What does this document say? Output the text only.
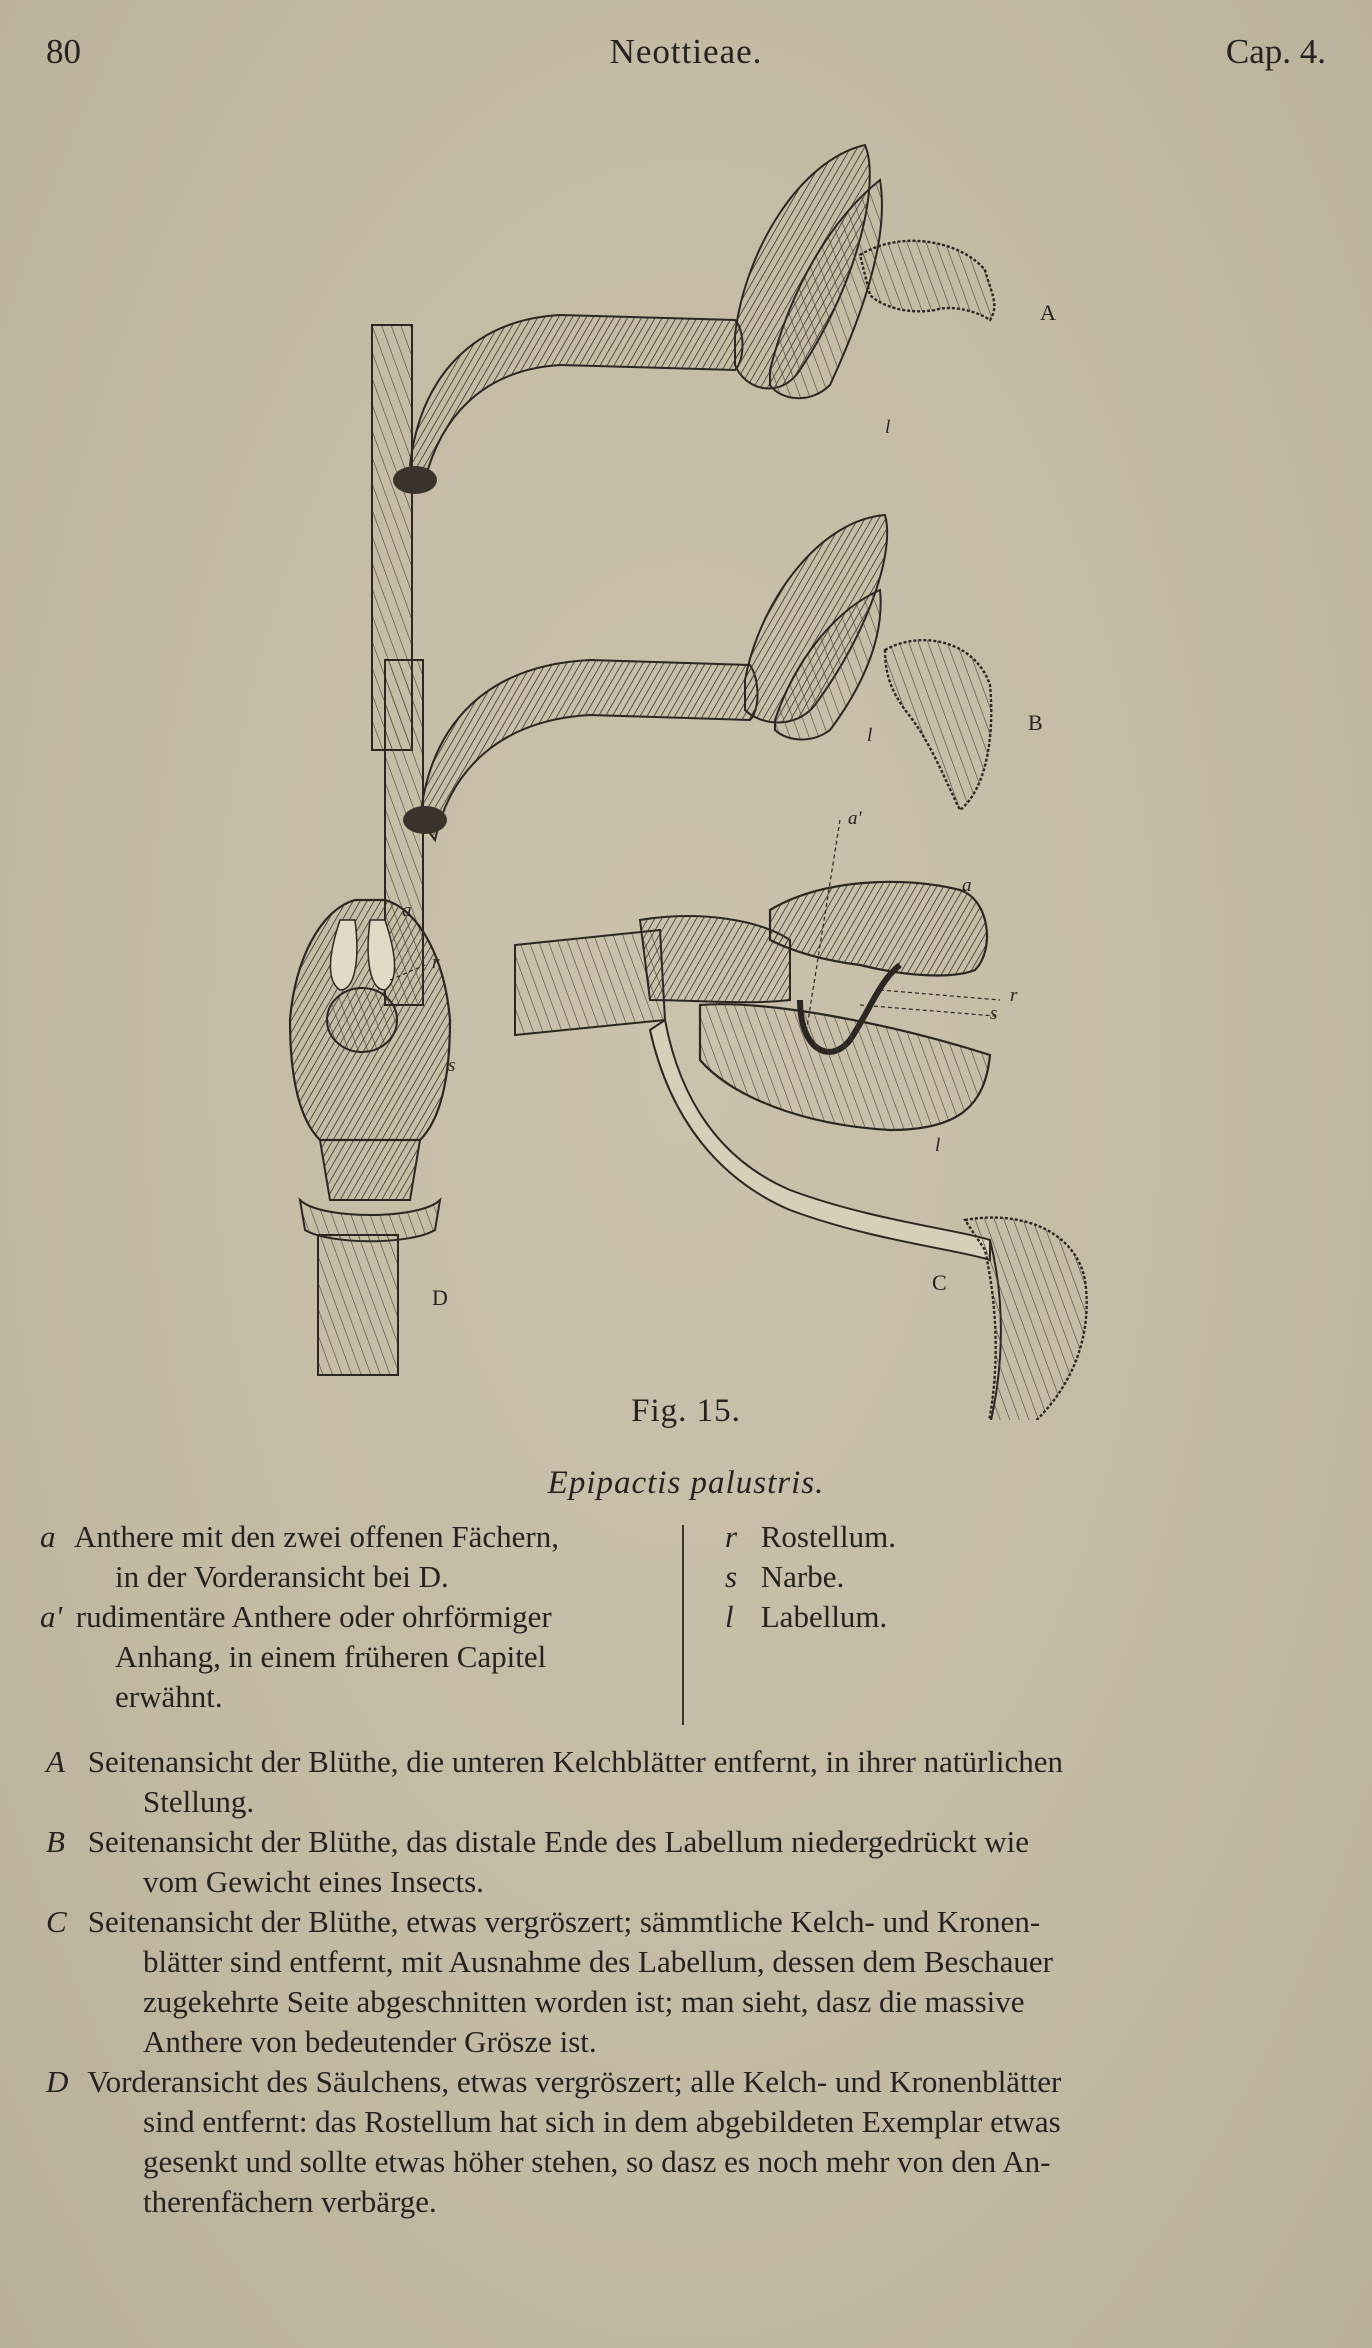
80	Neottieae.	Cap. 4.
A
B
C
D
l
l
a'
a
r
s
l
a
r
s
Fig. 15.
Epipactis palustris.
a Anthere mit den zwei offenen Fächern,
in der Vorderansicht bei D.
a' rudimentäre Anthere oder ohrförmiger
Anhang, in einem früheren Capitel
erwähnt.
r Rostellum.
s Narbe.
l Labellum.
A Seitenansicht der Blüthe, die unteren Kelchblätter entfernt, in ihrer natürlichen
Stellung.
B Seitenansicht der Blüthe, das distale Ende des Labellum niedergedrückt wie
vom Gewicht eines Insects.
C Seitenansicht der Blüthe, etwas vergröszert; sämmtliche Kelch- und Kronen-
blätter sind entfernt, mit Ausnahme des Labellum, dessen dem Beschauer
zugekehrte Seite abgeschnitten worden ist; man sieht, dasz die massive
Anthere von bedeutender Grösze ist.
D Vorderansicht des Säulchens, etwas vergröszert; alle Kelch- und Kronenblätter
sind entfernt: das Rostellum hat sich in dem abgebildeten Exemplar etwas
gesenkt und sollte etwas höher stehen, so dasz es noch mehr von den An-
therenfächern verbärge.
